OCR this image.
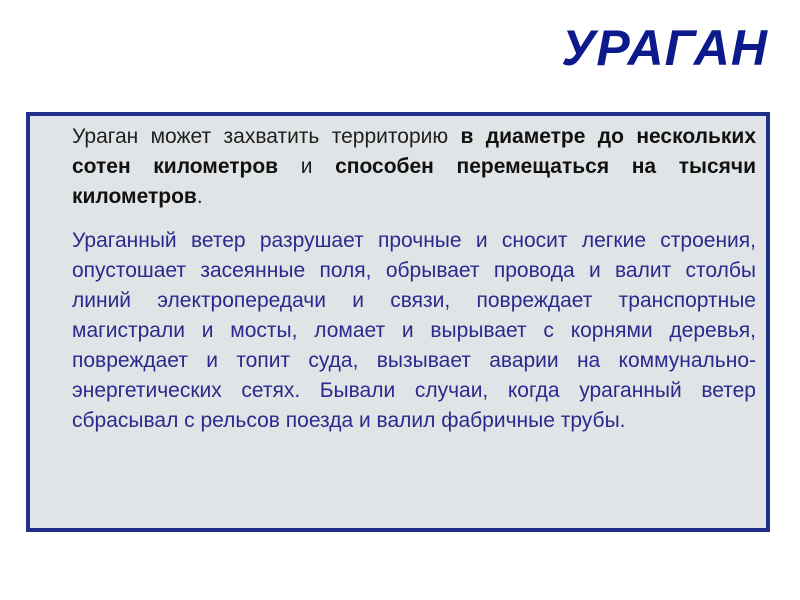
УРАГАН
Ураган может захватить территорию в диаметре до нескольких сотен километров и способен перемещаться на тысячи километров.
Ураганный ветер разрушает прочные и сносит легкие строения, опустошает засеянные поля, обрывает провода и валит столбы линий электропередачи и связи, повреждает транспортные магистрали и мосты, ломает и вырывает с корнями деревья, повреждает и топит суда, вызывает аварии на коммунально-энергетических сетях. Бывали случаи, когда ураганный ветер сбрасывал с рельсов поезда и валил фабричные трубы.
